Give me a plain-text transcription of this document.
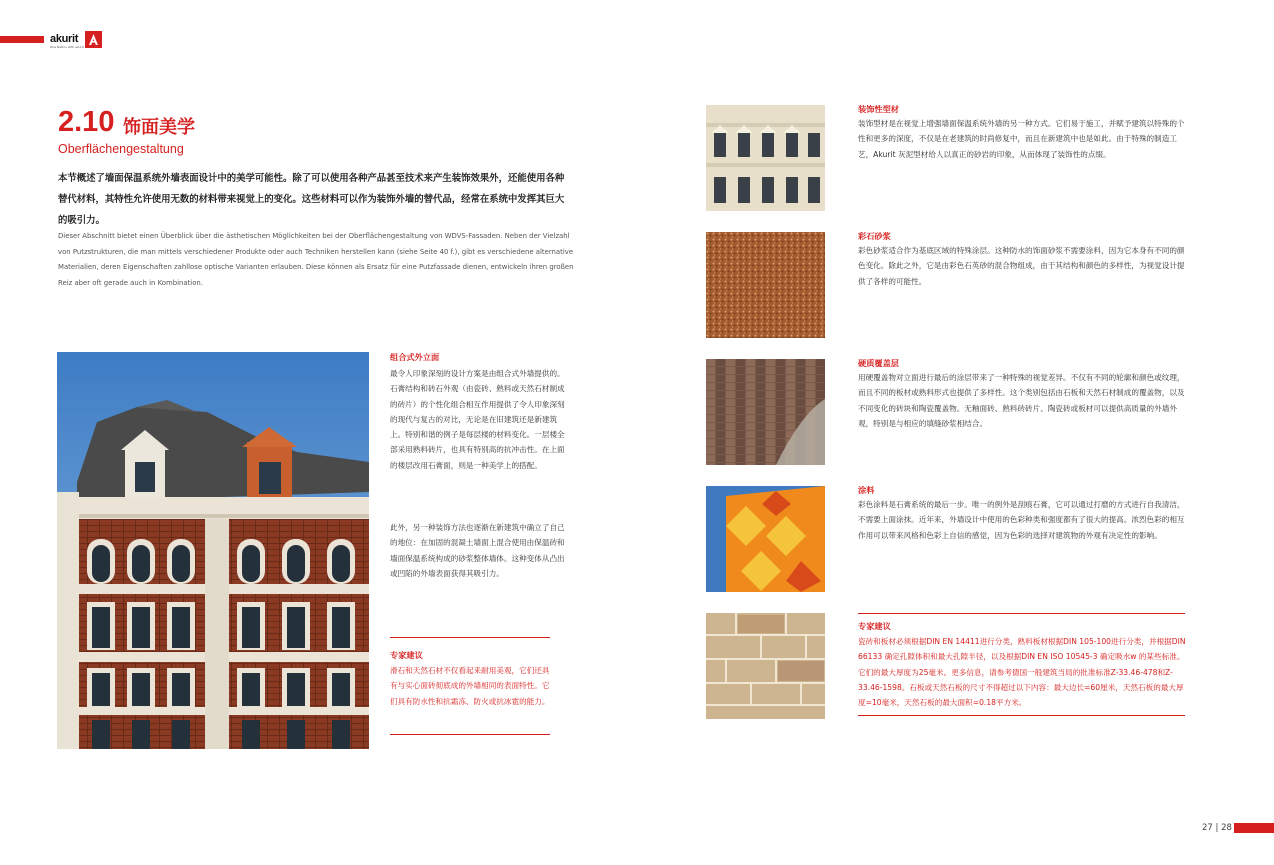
akurit
One Nation with akurit
2.10 饰面美学
Oberflächengestaltung
本节概述了墙面保温系统外墙表面设计中的美学可能性。除了可以使用各种产品甚至技术来产生装饰效果外，还能使用各种替代材料，其特性允许使用无数的材料带来视觉上的变化。这些材料可以作为装饰外墙的替代品，经常在系统中发挥其巨大的吸引力。
Dieser Abschnitt bietet einen Überblick über die ästhetischen Möglichkeiten bei der Oberflächengestaltung von WDVS-Fassaden. Neben der Vielzahl von Putzstrukturen, die man mittels verschiedener Produkte oder auch Techniken herstellen kann (siehe Seite 40 f.), gibt es verschiedene alternative Materialien, deren Eigenschaften zahllose optische Varianten erlauben. Diese können als Ersatz für eine Putzfassade dienen, entwickeln ihren großen Reiz aber oft gerade auch in Kombination.
组合式外立面
最令人印象深刻的设计方案是由组合式外墙提供的。石膏结构和砖石外观（由瓷砖、熟料或天然石材制成的砖片）的个性化组合相互作用提供了令人印象深刻的现代与复古的对比，无论是在旧建筑还是新建筑上。特别和谐的例子是每层楼的材料变化。一层楼全部采用熟料砖片，也具有特别高的抗冲击性。在上面的楼层改用石膏面，则是一种美学上的搭配。
此外，另一种装饰方法也逐渐在新建筑中确立了自己的地位：在加固的混凝土墙面上混合使用由保温砖和墙面保温系统构成的砂浆整体墙体。这种变体从凸出或凹陷的外墙表面获得其吸引力。
专家建议
滑石和天然石材不仅看起来耐用美观，它们还具有与实心面砖彻底成的外墙相同的表面特性。它们具有防水性和抗霜冻、防火或抗冰雹的能力。
装饰性型材
装饰型材是在视觉上增强墙面保温系统外墙的另一种方式。它们易于施工，并赋予建筑以特殊的个性和更多的深度，不仅是在老建筑的时尚修复中，而且在新建筑中也是如此。由于特殊的制造工艺，Akurit 灰泥型材给人以真正的砂岩的印象，从而体现了装饰性的点缀。
彩石砂浆
彩色砂浆适合作为基底区域的特殊涂层。这种防水的饰面砂浆不需要涂料，因为它本身有不同的颜色变化。除此之外，它是由彩色石英砂的混合物组成，由于其结构和颜色的多样性，为视觉设计提供了各样的可能性。
硬质覆盖层
用硬覆盖物对立面进行最后的涂层带来了一种特殊的视觉差异。不仅有不同的轮廓和颜色或纹理，而且不同的板材或熟料形式也提供了多样性。这个类别包括由石板和天然石材制成的覆盖物，以及不同变化的砖块和陶瓷覆盖物。无釉面砖、熟料砖砖片、陶瓷砖或板材可以提供高质量的外墙外观，特别是与相应的填缝砂浆相结合。
涂料
彩色涂料是石膏系统的最后一步。唯一的例外是刮痕石膏，它可以通过打磨的方式进行自我清洁，不需要上面涂抹。近年来，外墙设计中使用的色彩种类和强度都有了很大的提高。浓烈色彩的相互作用可以带来风格和色彩上自信的感觉，因为色彩的选择对建筑物的外观有决定性的影响。
专家建议
瓷砖和板材必须根据DIN EN 14411进行分类，熟料板材根据DIN 105-100进行分类，并根据DIN 66133 确定孔隙体积和最大孔隙半径，以及根据DIN EN ISO 10545-3 确定吸水w 的某些标准。它们的最大厚度为25毫米。更多信息，请参考德国一般建筑当局的批准标准Z-33.46-478和Z-33.46-1598。石板或天然石板的尺寸不得超过以下内容：最大边长=60厘米，天然石板的最大厚度=10毫米，天然石板的最大面积=0.18平方米。
27 | 28
